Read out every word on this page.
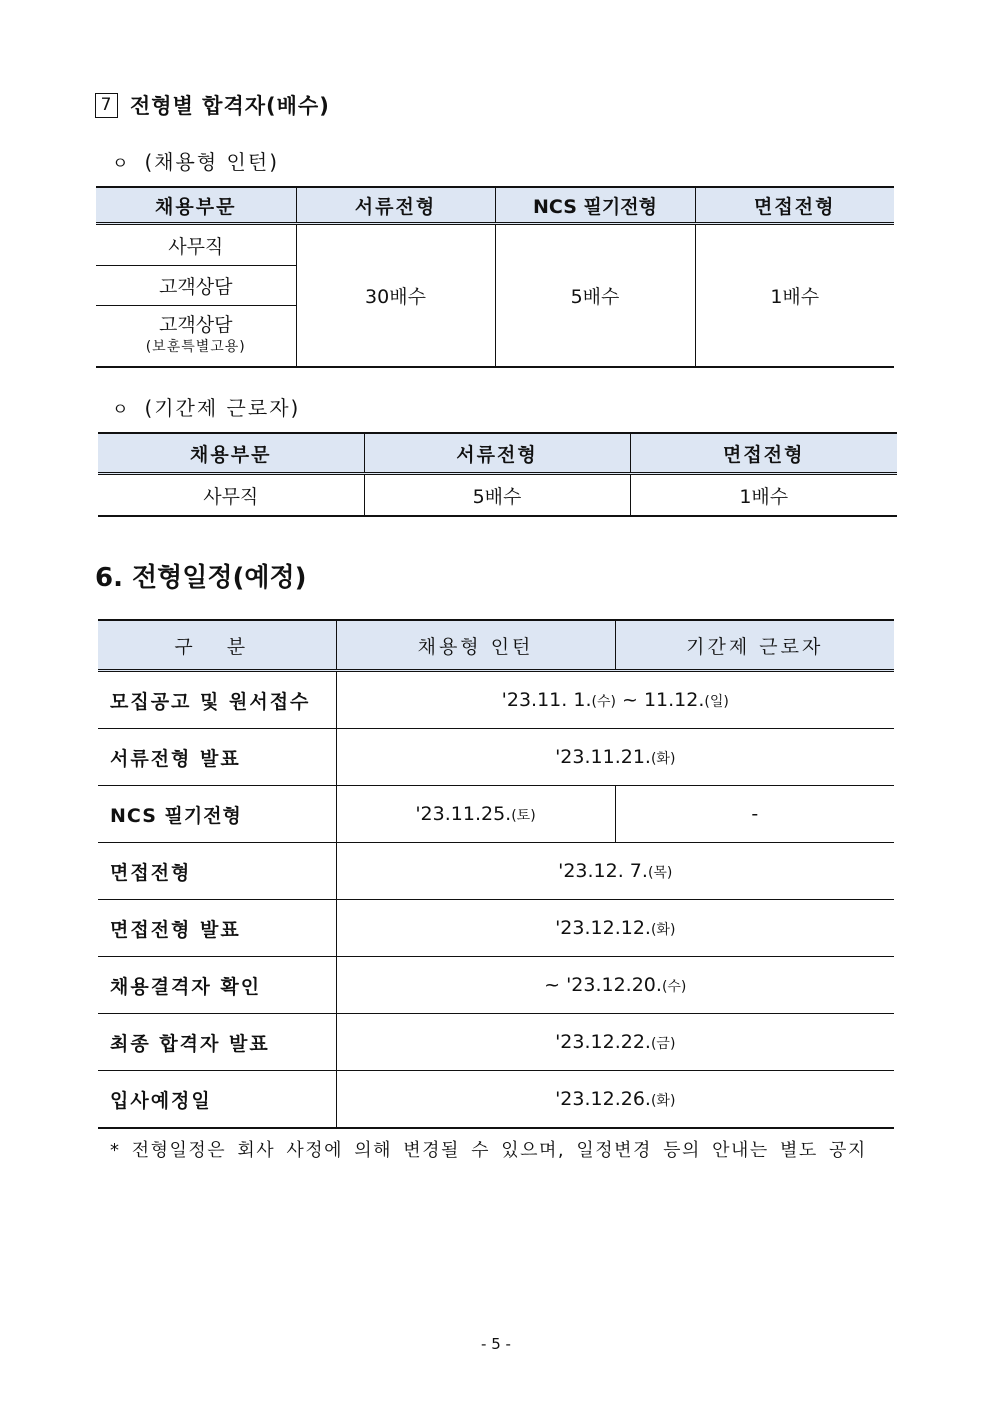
7 전형별 합격자(배수)
ㅇ (채용형 인턴)
채용부문	서류전형	NCS 필기전형	면접전형
사무직	30배수	5배수	1배수
고객상담			
고객상담
(보훈특별고용)			
ㅇ (기간제 근로자)
채용부문	서류전형	면접전형
사무직	5배수	1배수
6. 전형일정(예정)
구 분	채용형 인턴	기간제 근로자
모집공고 및 원서접수	'23.11. 1.(수) ~ 11.12.(일)	
서류전형 발표	'23.11.21.(화)	
NCS 필기전형	'23.11.25.(토)	-
면접전형	'23.12. 7.(목)	
면접전형 발표	'23.12.12.(화)	
채용결격자 확인	~ '23.12.20.(수)	
최종 합격자 발표	'23.12.22.(금)	
입사예정일	'23.12.26.(화)	
* 전형일정은 회사 사정에 의해 변경될 수 있으며, 일정변경 등의 안내는 별도 공지
- 5 -
